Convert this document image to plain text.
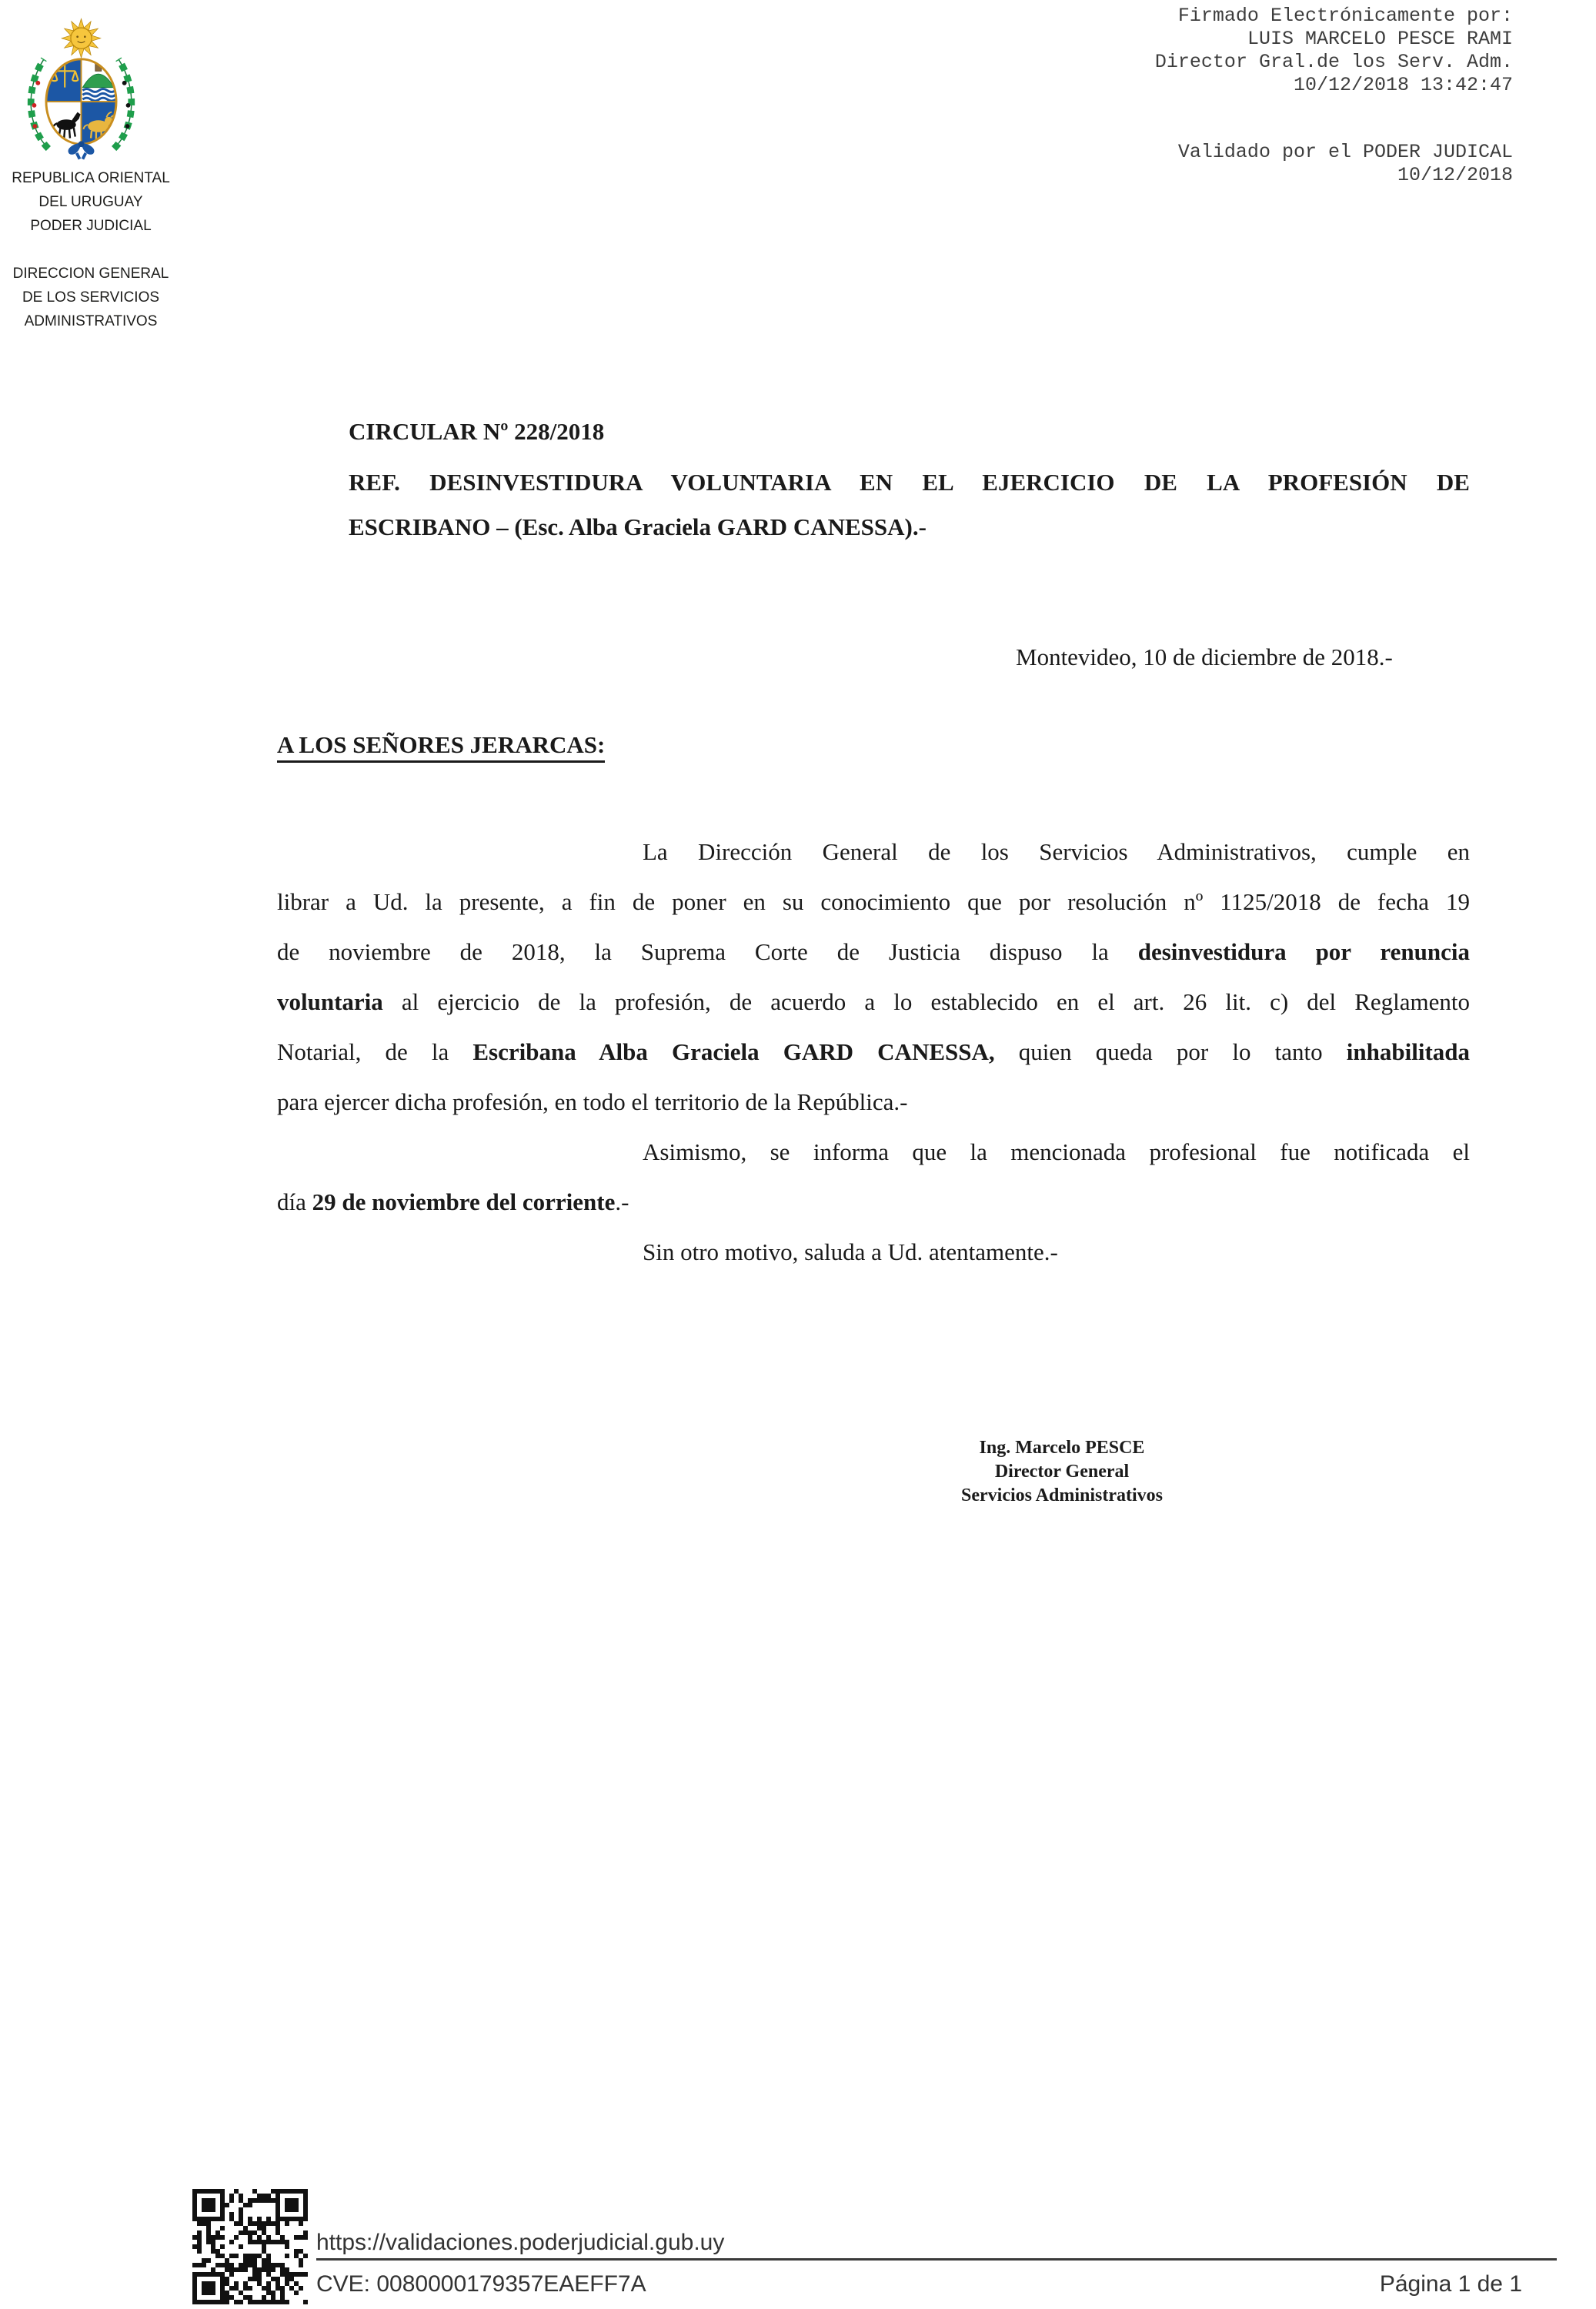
REPUBLICA ORIENTAL
DEL URUGUAY
PODER JUDICIAL
DIRECCION GENERAL
DE LOS SERVICIOS
ADMINISTRATIVOS
Firmado Electrónicamente por:
LUIS MARCELO PESCE RAMI
Director Gral.de los Serv. Adm.
10/12/2018 13:42:47
Validado por el PODER JUDICAL
10/12/2018
CIRCULAR Nº 228/2018
REF. DESINVESTIDURA VOLUNTARIA EN EL EJERCICIO DE LA PROFESIÓN DE
ESCRIBANO – (Esc. Alba Graciela GARD CANESSA).-
Montevideo, 10 de diciembre de 2018.-
A LOS SEÑORES JERARCAS:
La Dirección General de los Servicios Administrativos, cumple en
librar a Ud. la presente, a fin de poner en su conocimiento que por resolución nº 1125/2018 de fecha 19
de noviembre de 2018, la Suprema Corte de Justicia dispuso la desinvestidura por renuncia
voluntaria al ejercicio de la profesión, de acuerdo a lo establecido en el art. 26 lit. c) del Reglamento
Notarial, de la Escribana Alba Graciela GARD CANESSA, quien queda por lo tanto inhabilitada
para ejercer dicha profesión, en todo el territorio de la República.-
Asimismo, se informa que la mencionada profesional fue notificada el
día 29 de noviembre del corriente.-
Sin otro motivo, saluda a Ud. atentamente.-
Ing. Marcelo PESCE
Director General
Servicios Administrativos
https://validaciones.poderjudicial.gub.uy
CVE: 0080000179357EAEFF7A	Página 1 de 1
